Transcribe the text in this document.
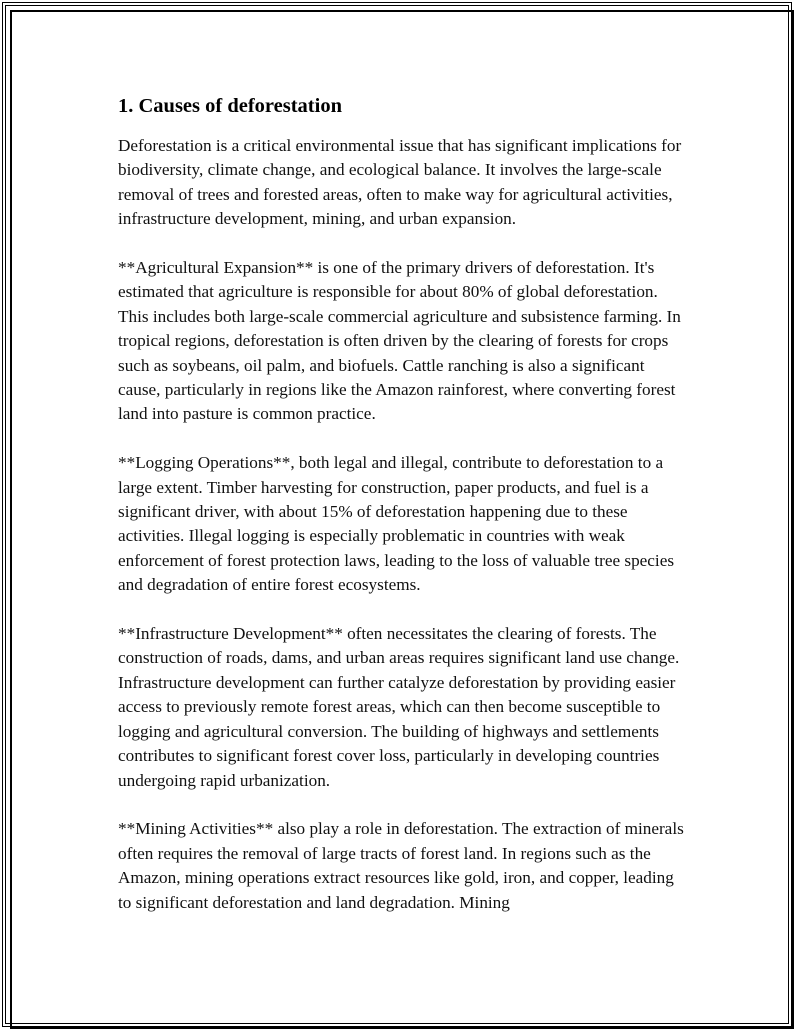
1. Causes of deforestation

Deforestation is a critical environmental issue that has significant implications for biodiversity, climate change, and ecological balance. It involves the large-scale removal of trees and forested areas, often to make way for agricultural activities, infrastructure development, mining, and urban expansion.

**Agricultural Expansion** is one of the primary drivers of deforestation. It's estimated that agriculture is responsible for about 80% of global deforestation. This includes both large-scale commercial agriculture and subsistence farming. In tropical regions, deforestation is often driven by the clearing of forests for crops such as soybeans, oil palm, and biofuels. Cattle ranching is also a significant cause, particularly in regions like the Amazon rainforest, where converting forest land into pasture is common practice.

**Logging Operations**, both legal and illegal, contribute to deforestation to a large extent. Timber harvesting for construction, paper products, and fuel is a significant driver, with about 15% of deforestation happening due to these activities. Illegal logging is especially problematic in countries with weak enforcement of forest protection laws, leading to the loss of valuable tree species and degradation of entire forest ecosystems.

**Infrastructure Development** often necessitates the clearing of forests. The construction of roads, dams, and urban areas requires significant land use change. Infrastructure development can further catalyze deforestation by providing easier access to previously remote forest areas, which can then become susceptible to logging and agricultural conversion. The building of highways and settlements contributes to significant forest cover loss, particularly in developing countries undergoing rapid urbanization.

**Mining Activities** also play a role in deforestation. The extraction of minerals often requires the removal of large tracts of forest land. In regions such as the Amazon, mining operations extract resources like gold, iron, and copper, leading to significant deforestation and land degradation. Mining
